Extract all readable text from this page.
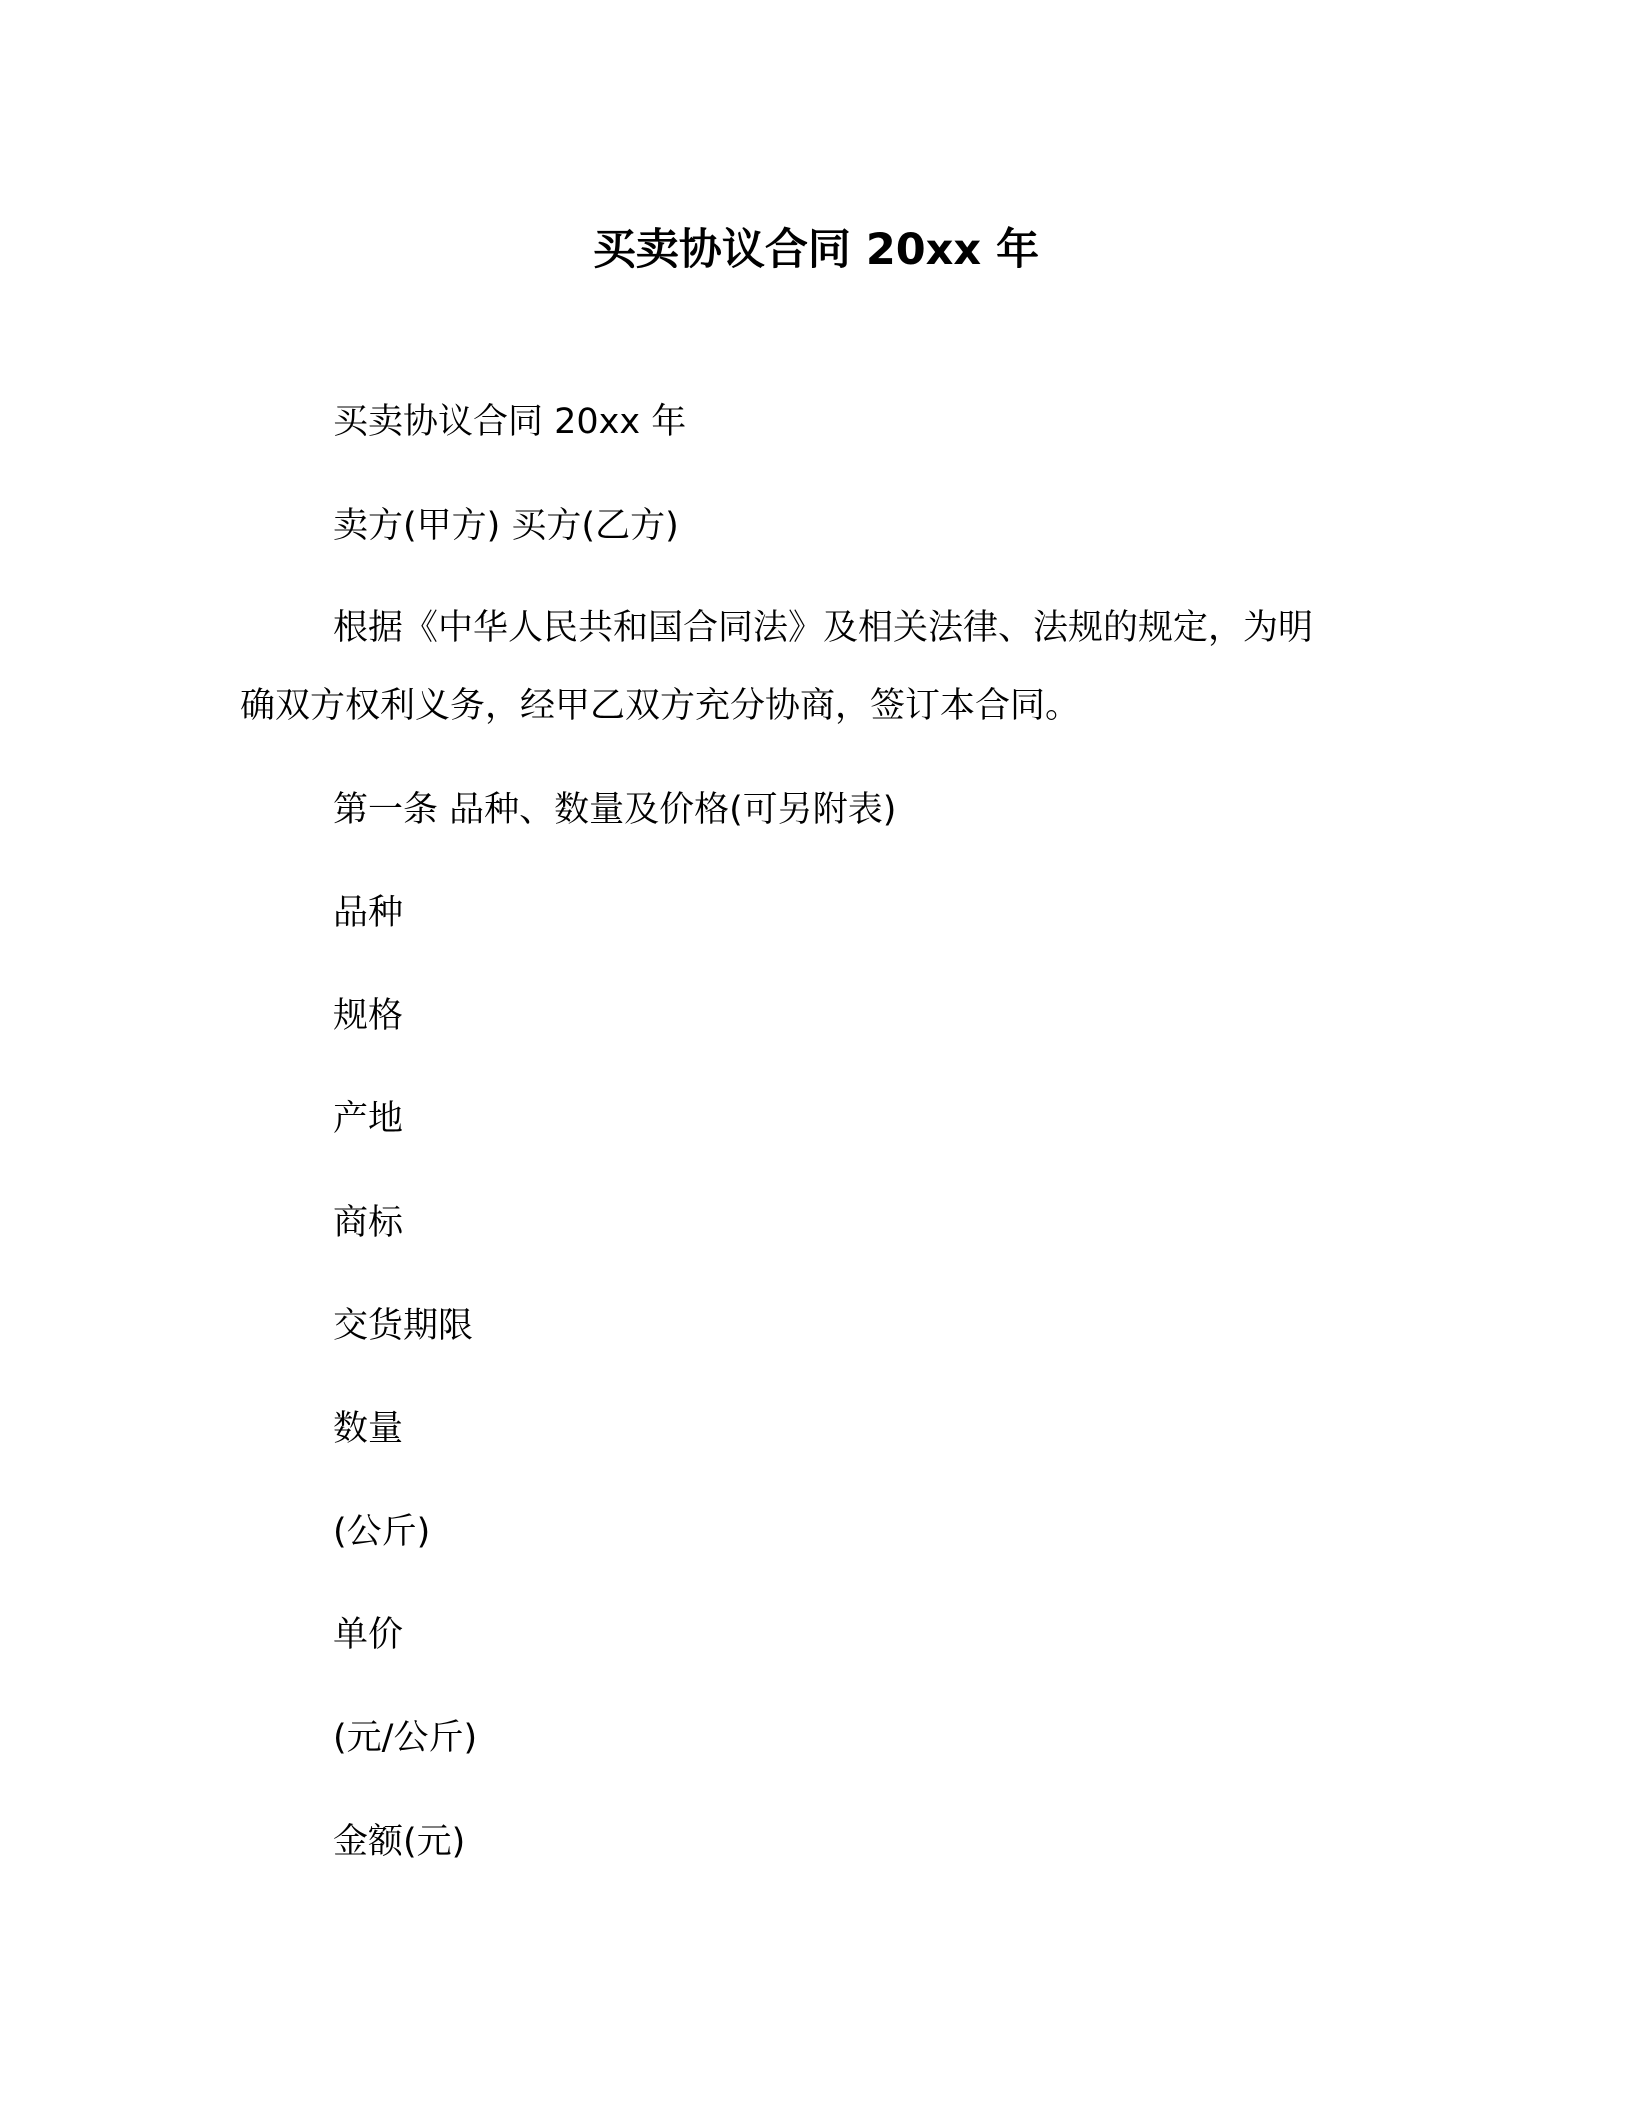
买卖协议合同 20xx 年
买卖协议合同 20xx 年
卖方(甲方) 买方(乙方)
根据《中华人民共和国合同法》及相关法律、法规的规定，为明
确双方权利义务，经甲乙双方充分协商，签订本合同。
第一条 品种、数量及价格(可另附表)
品种
规格
产地
商标
交货期限
数量
(公斤)
单价
(元/公斤)
金额(元)
